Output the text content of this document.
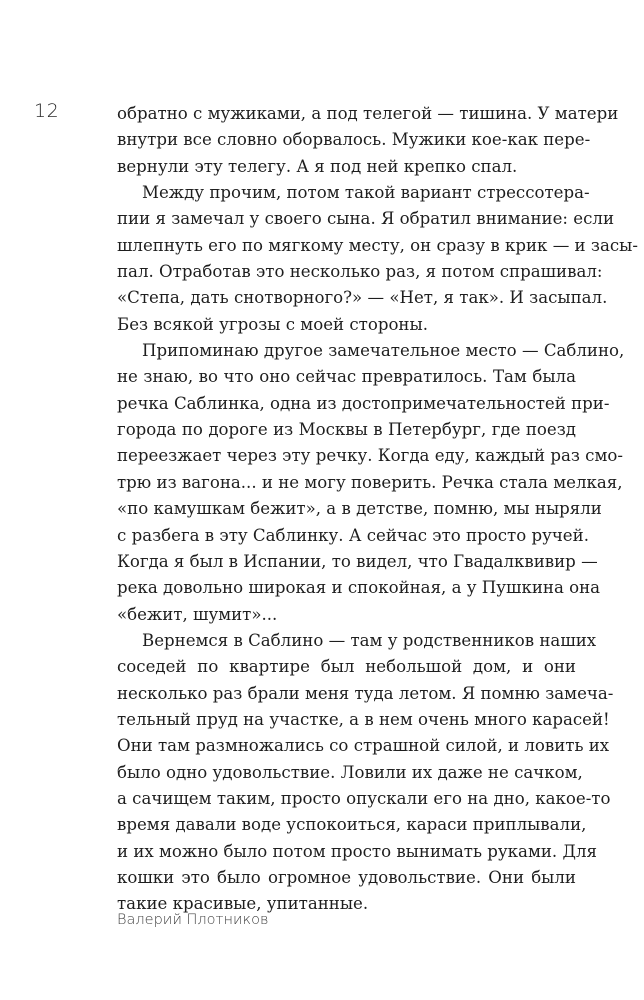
12	обратно с мужиками, а под телегой — тишина. У матери
внутри все словно оборвалось. Мужики кое-как пере-
вернули эту телегу. А я под ней крепко спал.
Между прочим, потом такой вариант стрессотера-
пии я замечал у своего сына. Я обратил внимание: если
шлепнуть его по мягкому месту, он сразу в крик — и засы-
пал. Отработав это несколько раз, я потом спрашивал:
«Степа, дать снотворного?» — «Нет, я так». И засыпал.
Без всякой угрозы с моей стороны.
Припоминаю другое замечательное место — Саблино,
не знаю, во что оно сейчас превратилось. Там была
речка Саблинка, одна из достопримечательностей при-
города по дороге из Москвы в Петербург, где поезд
переезжает через эту речку. Когда еду, каждый раз смо-
трю из вагона... и не могу поверить. Речка стала мелкая,
«по камушкам бежит», а в детстве, помню, мы ныряли
с разбега в эту Саблинку. А сейчас это просто ручей.
Когда я был в Испании, то видел, что Гвадалквивир —
река довольно широкая и спокойная, а у Пушкина она
«бежит, шумит»...
Вернемся в Саблино — там у родственников наших
соседей по квартире был небольшой дом, и они
несколько раз брали меня туда летом. Я помню замеча-
тельный пруд на участке, а в нем очень много карасей!
Они там размножались со страшной силой, и ловить их
было одно удовольствие. Ловили их даже не сачком,
а сачищем таким, просто опускали его на дно, какое-то
время давали воде успокоиться, караси приплывали,
и их можно было потом просто вынимать руками. Для
кошки это было огромное удовольствие. Они были
такие красивые, упитанные.
Валерий Плотников
